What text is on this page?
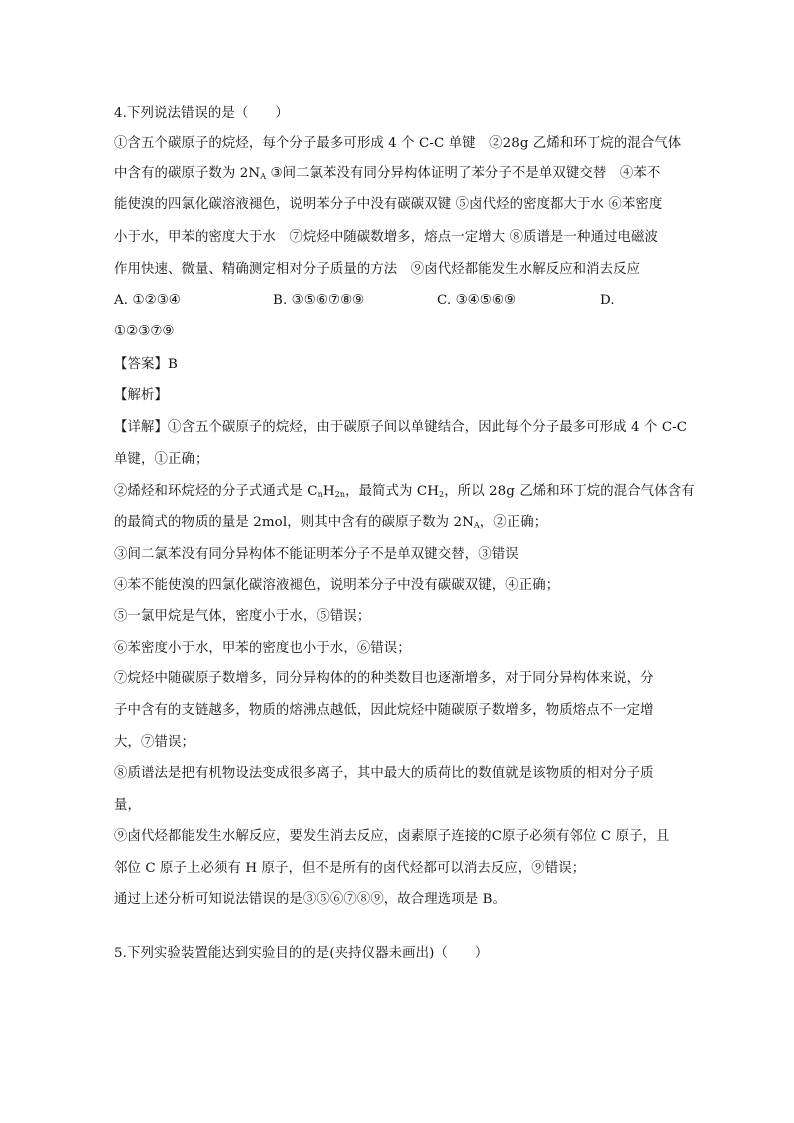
4.下列说法错误的是（　　）
①含五个碳原子的烷烃，每个分子最多可形成 4 个 C-C 单键　②28g 乙烯和环丁烷的混合气体
中含有的碳原子数为 $2N_A$ ③间二氯苯没有同分异构体证明了苯分子不是单双键交替　④苯不
能使溴的四氯化碳溶液褪色，说明苯分子中没有碳碳双键 ⑤卤代烃的密度都大于水 ⑥苯密度
小于水，甲苯的密度大于水　⑦烷烃中随碳数增多，熔点一定增大 ⑧质谱是一种通过电磁波
作用快速、微量、精确测定相对分子质量的方法　⑨卤代烃都能发生水解反应和消去反应
A. ①②③④	B. ③⑤⑥⑦⑧⑨	C. ③④⑤⑥⑨	D.
①②③⑦⑨
【答案】B
【解析】
【详解】①含五个碳原子的烷烃，由于碳原子间以单键结合，因此每个分子最多可形成 4 个 C-C
单键，①正确；
②烯烃和环烷烃的分子式通式是 $C_nH_{2n}$，最简式为 $CH_2$，所以 28g 乙烯和环丁烷的混合气体含有
的最简式的物质的量是 2mol，则其中含有的碳原子数为 $2N_A$，②正确；
③间二氯苯没有同分异构体不能证明苯分子不是单双键交替，③错误
④苯不能使溴的四氯化碳溶液褪色，说明苯分子中没有碳碳双键，④正确；
⑤一氯甲烷是气体，密度小于水，⑤错误；
⑥苯密度小于水，甲苯的密度也小于水，⑥错误；
⑦烷烃中随碳原子数增多，同分异构体的的种类数目也逐渐增多，对于同分异构体来说，分
子中含有的支链越多，物质的熔沸点越低，因此烷烃中随碳原子数增多，物质熔点不一定增
大，⑦错误；
⑧质谱法是把有机物设法变成很多离子，其中最大的质荷比的数值就是该物质的相对分子质
量，
⑨卤代烃都能发生水解反应，要发生消去反应，卤素原子连接的C原子必须有邻位 C 原子，且
邻位 C 原子上必须有 H 原子，但不是所有的卤代烃都可以消去反应，⑨错误；
通过上述分析可知说法错误的是③⑤⑥⑦⑧⑨，故合理选项是 B。
5.下列实验装置能达到实验目的的是(夹持仪器未画出)（　　）
